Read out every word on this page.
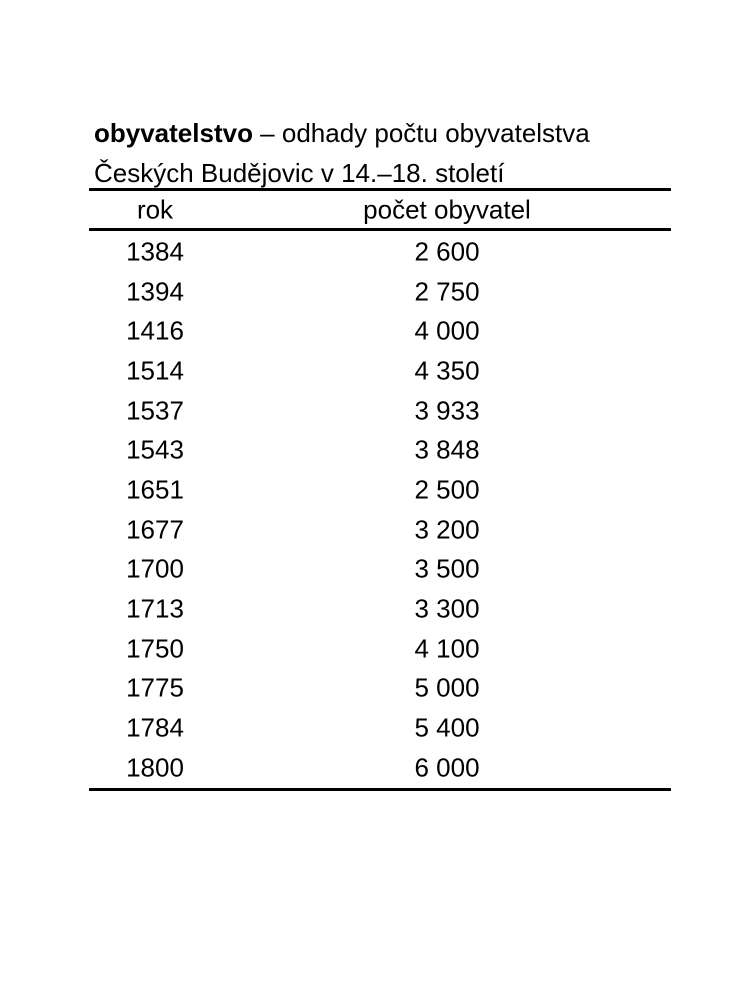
obyvatelstvo – odhady počtu obyvatelstva
Českých Budějovic v 14.–18. století
rok	počet obyvatel
1384	2 600
1394	2 750
1416	4 000
1514	4 350
1537	3 933
1543	3 848
1651	2 500
1677	3 200
1700	3 500
1713	3 300
1750	4 100
1775	5 000
1784	5 400
1800	6 000
